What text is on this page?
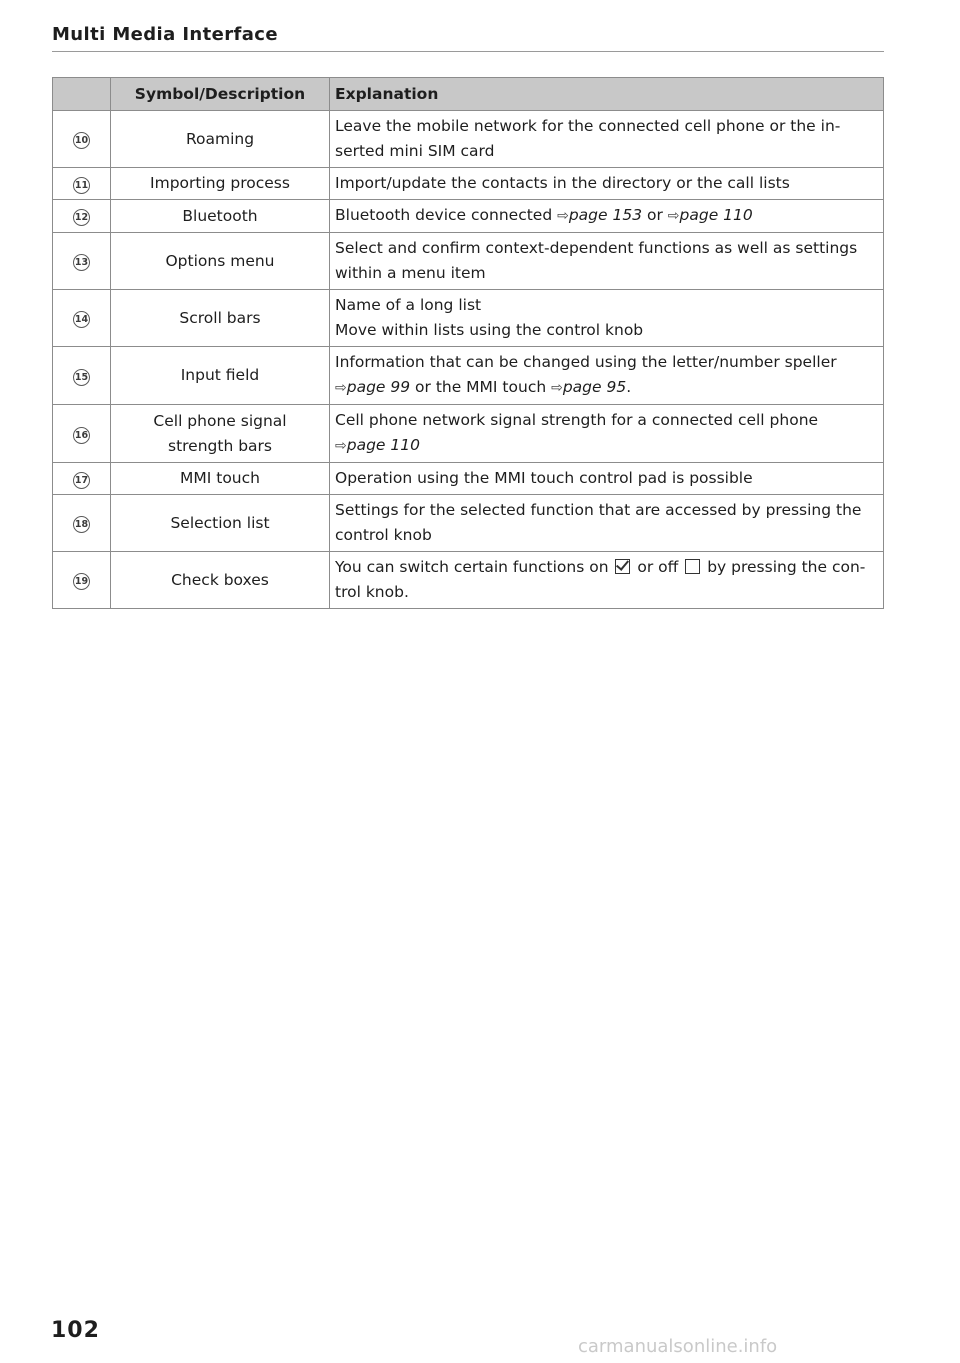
Multi Media Interface
	Symbol/Description	Explanation
10	Roaming	Leave the mobile network for the connected cell phone or the in-
serted mini SIM card
11	Importing process	Import/update the contacts in the directory or the call lists
12	Bluetooth	Bluetooth device connected ⇨page 153 or ⇨page 110
13	Options menu	Select and confirm context-dependent functions as well as settings
within a menu item
14	Scroll bars	Name of a long list
Move within lists using the control knob
15	Input field	Information that can be changed using the letter/number speller
⇨page 99 or the MMI touch ⇨page 95.
16	Cell phone signal
strength bars	Cell phone network signal strength for a connected cell phone
⇨page 110
17	MMI touch	Operation using the MMI touch control pad is possible
18	Selection list	Settings for the selected function that are accessed by pressing the
control knob
19	Check boxes	You can switch certain functions on  or off  by pressing the con-
trol knob.
102
carmanualsonline.info
